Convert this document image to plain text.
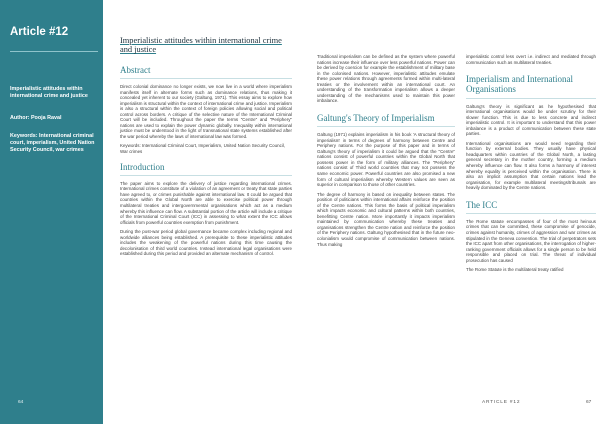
Article #12
Imperialistic attitudes within international crime and justice
Author: Pooja Raval
Keywords: International criminal court, imperialism, United Nation Security Council, war crimes
64
Imperialistic attitudes within international crime and justice
Abstract

Direct colonial dominance no longer exists, we now live in a world where imperialism manifests itself in alternate forms such as dominance relations, thus making it concealed yet inherent to our society (Galtung, 1971). This essay aims to explore how imperialism is structural within the context of international crime and justice. Imperialism is also a structural within the context of foreign policies allowing social and political control across borders. A critique of the selective nature of the International Criminal Court will be included. Throughout the paper the terms "Centre" and "Periphery" nations are used to explain the power dynamic globally. Inequality within international justice must be understood in the light of transnational state systems established after the war period whereby the laws of international law was formed.

Keywords: International Criminal Court, Imperialism, United Nation Security Council, War crimes

Introduction

The paper aims to explore the delivery of justice regarding international crimes. International crimes constitute of a violation of an agreement or treaty that state parties have agreed to, or crimes punishable against international law. It could be argued that countries within the Global North are able to exercise political power through multilateral treaties and intergovernmental organisations which act as a medium whereby this influence can flow. A substantial portion of the article will include a critique of the International Criminal Court (ICC) in assessing to what extent the ICC allows officials from powerful countries exemption from punishment.

During the post-war period global governance became complex including regional and worldwide alliances being established. A prerequisite to these imperialistic attitudes includes the weakening of the powerful nations during this time causing the decolonisation of third world countries. Instead international legal organisations were established during this period and provided an alternate mechanism of control.

Traditional imperialism can be defined as the system where powerful nations increase their influence over less powerful nations. Power can be derived by coercion for example the establishment of military base in the colonised nations. However, imperialistic attitudes emulate these power relations through agreements formed within multi-lateral treaties or the involvement within an international court. An understanding of the transformation imperialism allows a deeper understanding of the mechanisms used to maintain this power imbalance.

Galtung's Theory of Imperialism

Galtung (1971) explains imperialism in his book 'A structural theory of imperialism' in terms of degrees of harmony between Centre and Periphery nations. For the purpose of this paper and in terms of Galtung's theory of imperialism it could be argued that the "Centre" nations consist of powerful countries within the Global North that possess power in the form of military alliances. The "Periphery" nations consist of Third world countries that may not possess the same economic power. Powerful countries are also promised a new form of cultural imperialism whereby Western values are seen as superior in comparison to those of other countries.

The degree of harmony is based on inequality between states. The position of politicians within international affairs reinforce the position of the Centre nations. This forms the basis of political imperialism which impacts economic and cultural patterns within both countries, benefitting Centre nation. More importantly it impacts imperialism maintained by communication whereby these treaties and organisations strengthen the Centre nation and reinforce the position of the Periphery nations. Galtung hypothesised that in the future neo-colonialism would compromise of communication between nations. Thus making

imperialistic control less overt i.e. indirect and mediated through communication such as multilateral treaties.

Imperialism and International Organisations

Galtung's theory is significant as he hypothesised that international organisations would be under scrutiny for their slower function. This is due to less concrete and indirect imperialistic control. It is important to understand that this power imbalance is a product of communication between these state parties.

International organisations are would need regarding their function by external bodies. They usually have physical headquarters within countries of the Global North, a lasting general secretary in the mother country, forming a medium whereby influence can flow. It also forms a harmony of interest whereby equality is perceived within the organisation. There is also an implicit assumption that certain nations lead the organisation, for example multilateral meetings/tribunals are heavily dominated by the Centre nations.

The ICC

The Rome statute encompasses of four of the most heinous crimes that can be committed, these compromise of genocide, crimes against humanity, crimes of aggression and war crimes as stipulated in the Geneva convention. The trial of perpetrators sets the ICC apart from other organisations, the interrogation of higher-ranking government officials allows for a single person to be held responsible and placed on trial. The threat of individual prosecution has caused

The Rome Statute is the multilateral treaty ratified

ARTICLE #12	67
